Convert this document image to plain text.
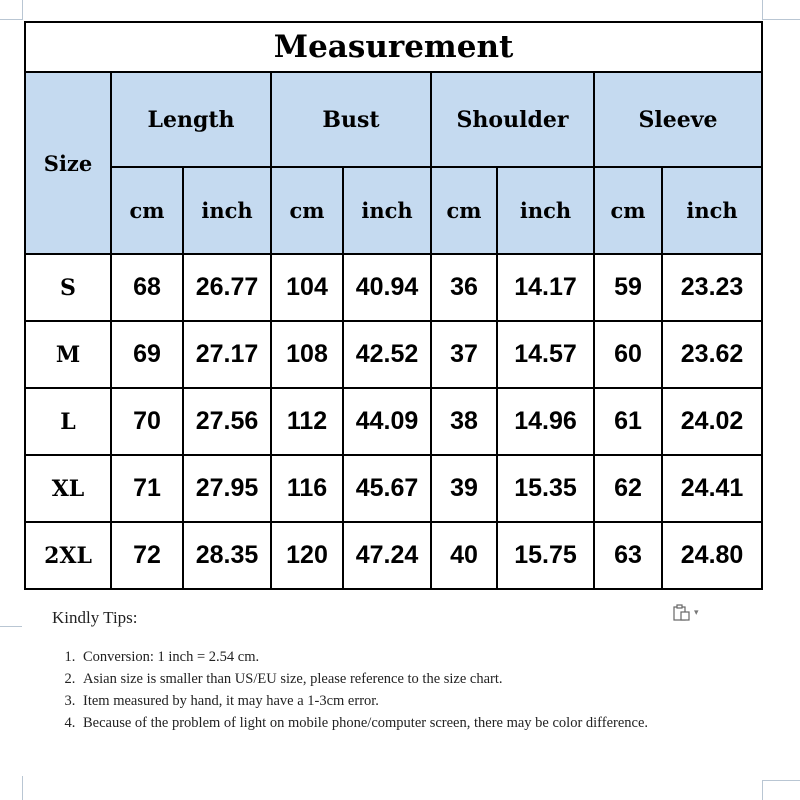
Measurement								
Size	Length		Bust		Shoulder		Sleeve	
	cm	inch	cm	inch	cm	inch	cm	inch
S	68	26.77	104	40.94	36	14.17	59	23.23
M	69	27.17	108	42.52	37	14.57	60	23.62
L	70	27.56	112	44.09	38	14.96	61	24.02
XL	71	27.95	116	45.67	39	15.35	62	24.41
2XL	72	28.35	120	47.24	40	15.75	63	24.80
▾

Kindly Tips:

1. Conversion: 1 inch = 2.54 cm.
2. Asian size is smaller than US/EU size, please reference to the size chart.
3. Item measured by hand, it may have a 1-3cm error.
4. Because of the problem of light on mobile phone/computer screen, there may be color difference.
